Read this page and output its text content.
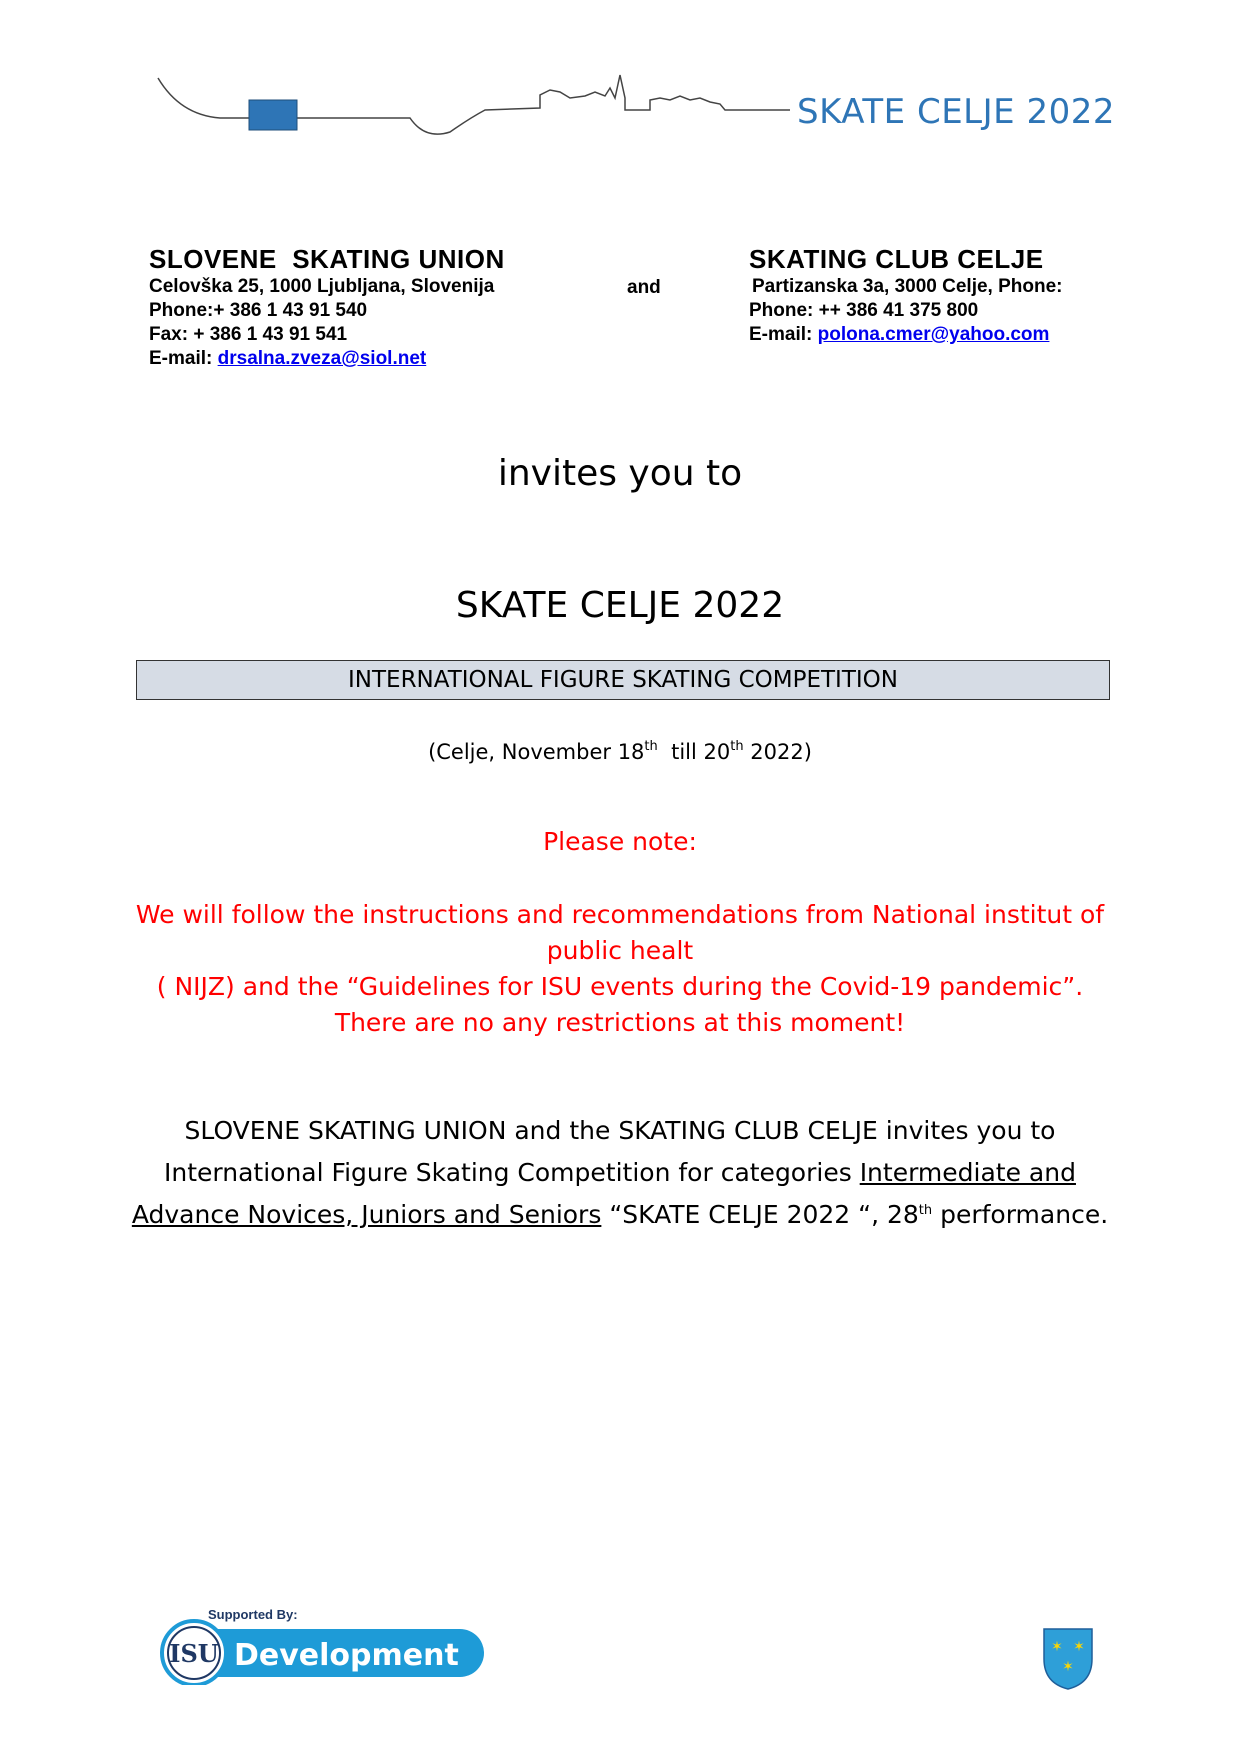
SKATE CELJE 2022
SLOVENE  SKATING UNION
Celovška 25, 1000 Ljubljana, Slovenija
Phone:+ 386 1 43 91 540
Fax: + 386 1 43 91 541
E-mail: drsalna.zveza@siol.net
and
SKATING CLUB CELJE
Partizanska 3a, 3000 Celje, Phone:
Phone: ++ 386 41 375 800
E-mail: polona.cmer@yahoo.com
invites you to
SKATE CELJE 2022
INTERNATIONAL FIGURE SKATING COMPETITION
(Celje, November 18th  till 20th 2022)
Please note:
We will follow the instructions and recommendations from National institut of
public healt
( NIJZ) and the “Guidelines for ISU events during the Covid-19 pandemic”.
There are no any restrictions at this moment!
SLOVENE SKATING UNION and the SKATING CLUB CELJE invites you to
International Figure Skating Competition for categories Intermediate and
Advance Novices, Juniors and Seniors “SKATE CELJE 2022 “, 28th performance.
Supported By:
ISU Development	✶ ✶
✶
